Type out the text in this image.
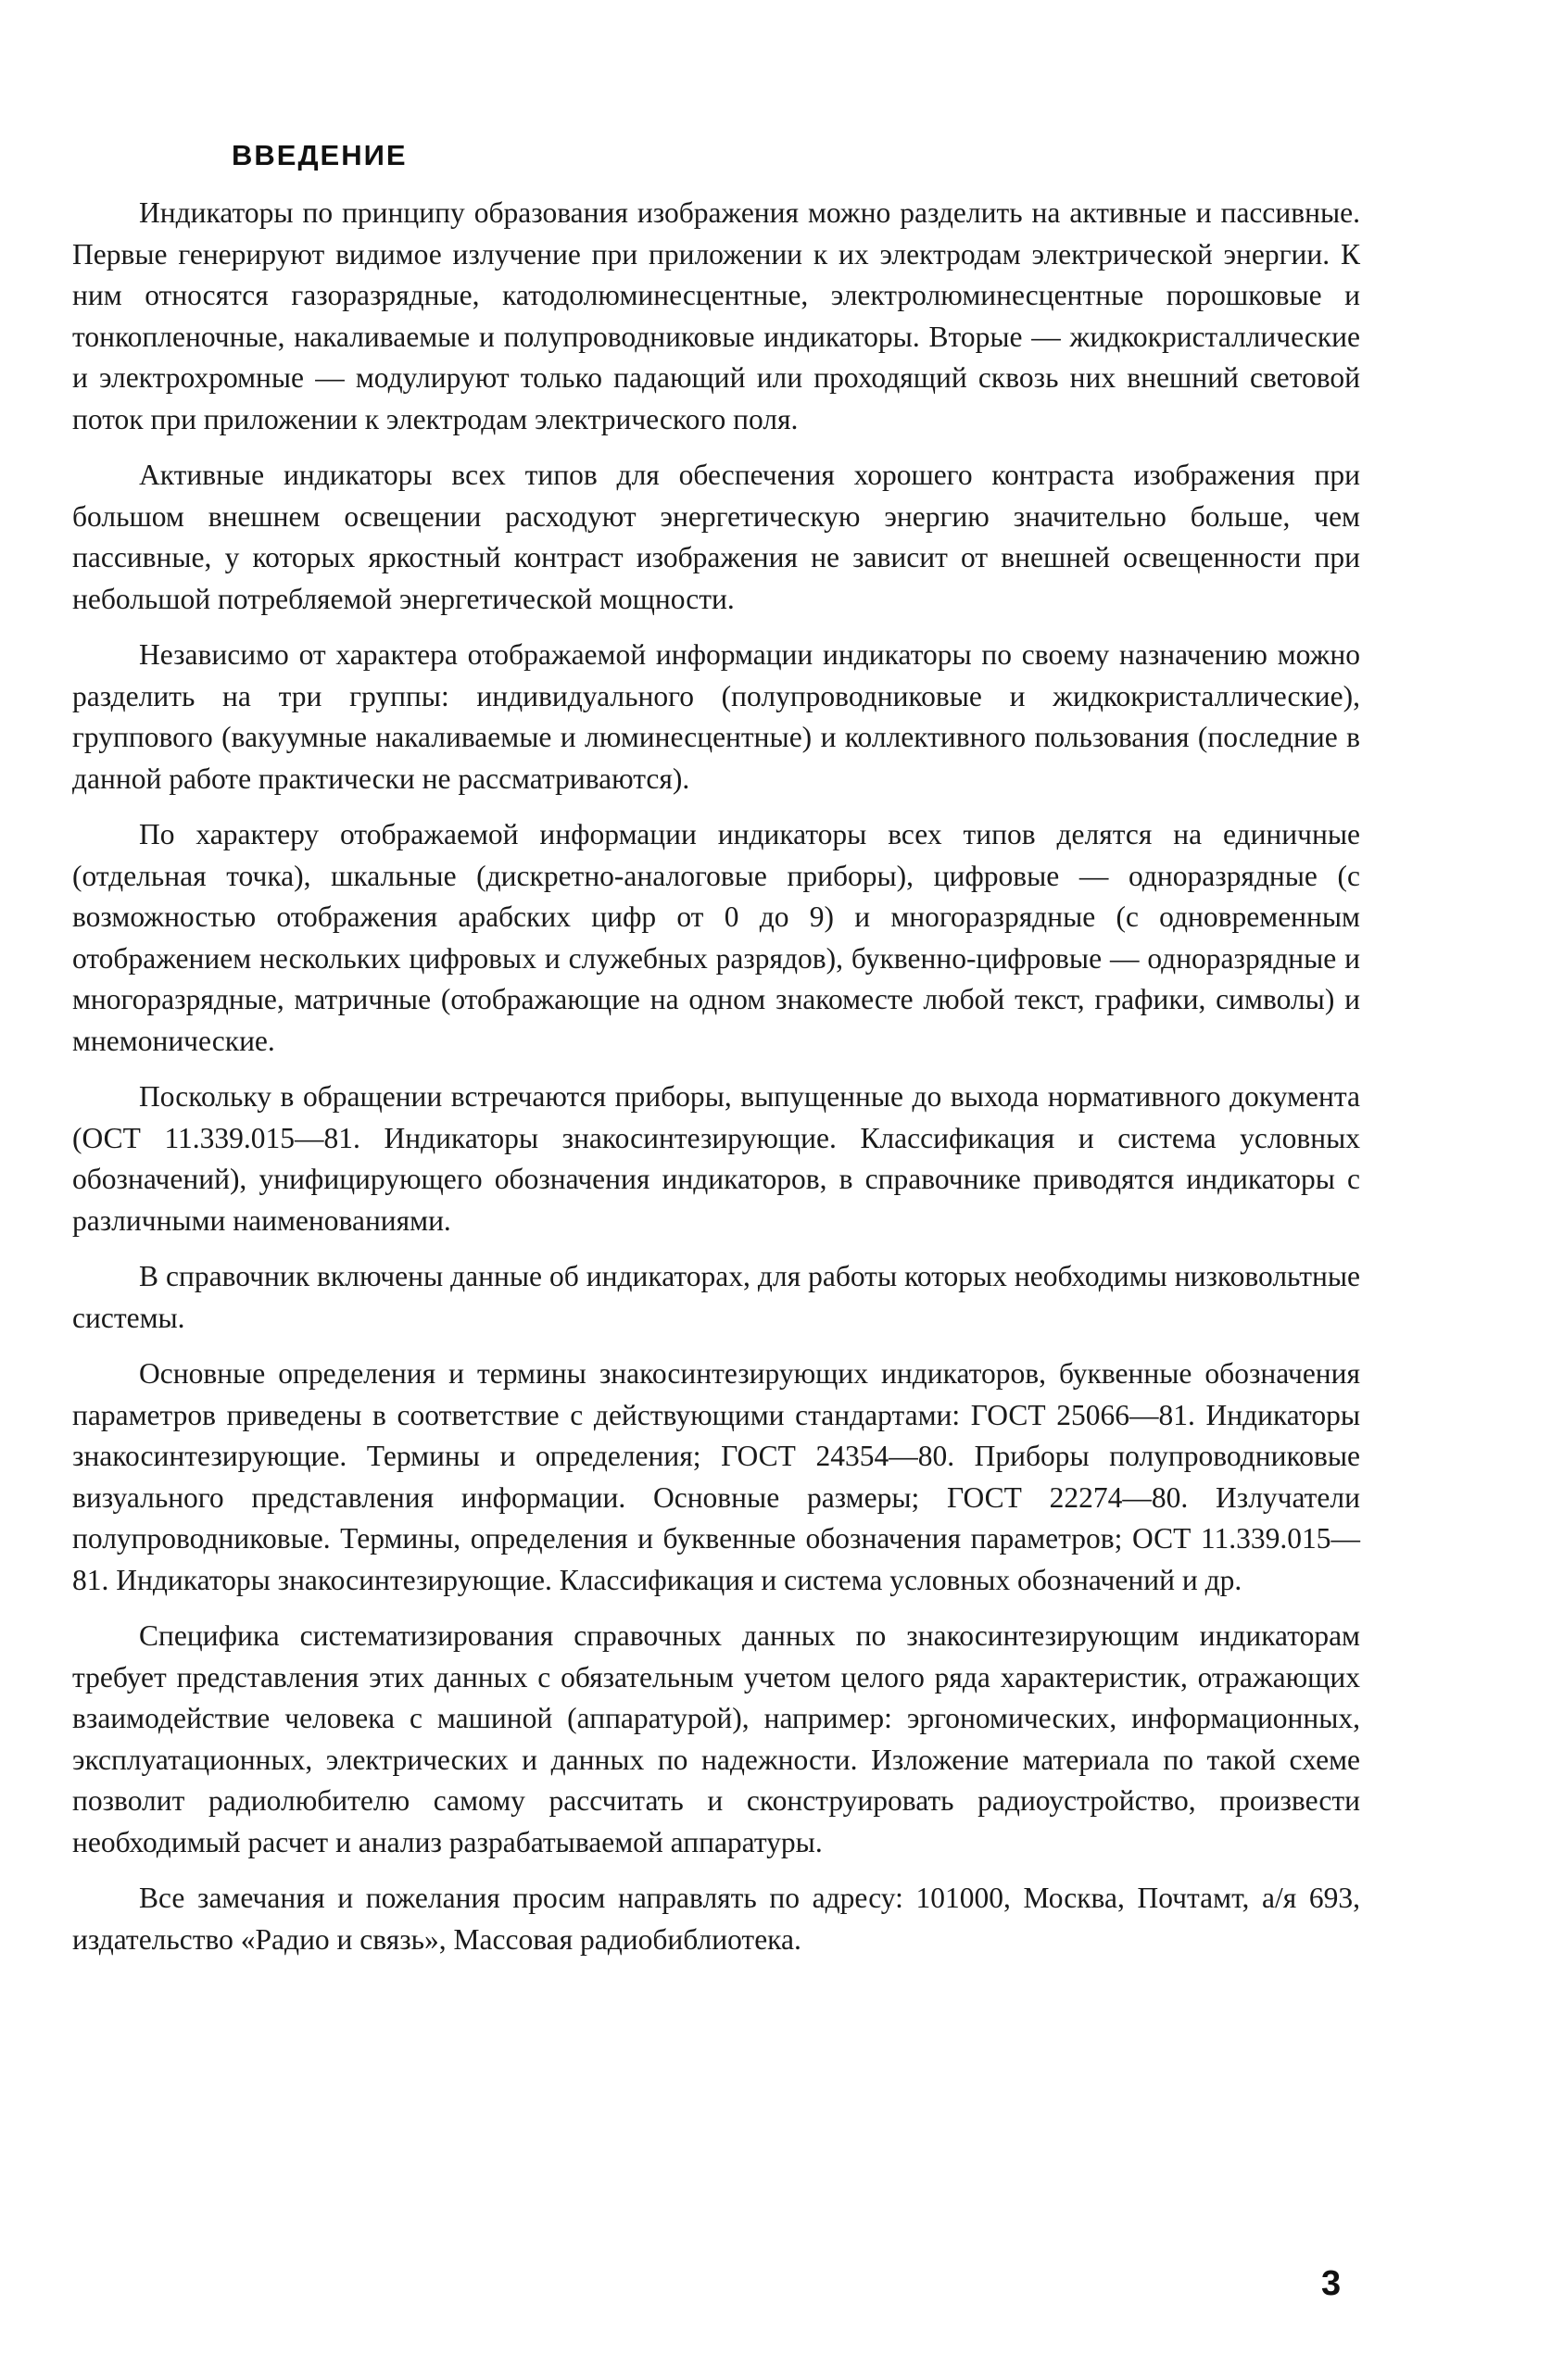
ВВЕДЕНИЕ

Индикаторы по принципу образования изображения можно разделить на активные и пассивные. Первые генерируют видимое излучение при приложении к их электродам электрической энергии. К ним относятся газоразрядные, катодолюминесцентные, электролюминесцентные порошковые и тонкопленочные, накаливаемые и полупроводниковые индикаторы. Вторые — жидкокристаллические и электрохромные — модулируют только падающий или проходящий сквозь них внешний световой поток при приложении к электродам электрического поля.

Активные индикаторы всех типов для обеспечения хорошего контраста изображения при большом внешнем освещении расходуют энергетическую энергию значительно больше, чем пассивные, у которых яркостный контраст изображения не зависит от внешней освещенности при небольшой потребляемой энергетической мощности.

Независимо от характера отображаемой информации индикаторы по своему назначению можно разделить на три группы: индивидуального (полупроводниковые и жидкокристаллические), группового (вакуумные накаливаемые и люминесцентные) и коллективного пользования (последние в данной работе практически не рассматриваются).

По характеру отображаемой информации индикаторы всех типов делятся на единичные (отдельная точка), шкальные (дискретно-аналоговые приборы), цифровые — одноразрядные (с возможностью отображения арабских цифр от 0 до 9) и многоразрядные (с одновременным отображением нескольких цифровых и служебных разрядов), буквенно-цифровые — одноразрядные и многоразрядные, матричные (отображающие на одном знакоместе любой текст, графики, символы) и мнемонические.

Поскольку в обращении встречаются приборы, выпущенные до выхода нормативного документа (ОСТ 11.339.015—81. Индикаторы знакосинтезирующие. Классификация и система условных обозначений), унифицирующего обозначения индикаторов, в справочнике приводятся индикаторы с различными наименованиями.

В справочник включены данные об индикаторах, для работы которых необходимы низковольтные системы.

Основные определения и термины знакосинтезирующих индикаторов, буквенные обозначения параметров приведены в соответствие с действующими стандартами: ГОСТ 25066—81. Индикаторы знакосинтезирующие. Термины и определения; ГОСТ 24354—80. Приборы полупроводниковые визуального представления информации. Основные размеры; ГОСТ 22274—80. Излучатели полупроводниковые. Термины, определения и буквенные обозначения параметров; ОСТ 11.339.015—81. Индикаторы знакосинтезирующие. Классификация и система условных обозначений и др.

Специфика систематизирования справочных данных по знакосинтезирующим индикаторам требует представления этих данных с обязательным учетом целого ряда характеристик, отражающих взаимодействие человека с машиной (аппаратурой), например: эргономических, информационных, эксплуатационных, электрических и данных по надежности. Изложение материала по такой схеме позволит радиолюбителю самому рассчитать и сконструировать радиоустройство, произвести необходимый расчет и анализ разрабатываемой аппаратуры.

Все замечания и пожелания просим направлять по адресу: 101000, Москва, Почтамт, а/я 693, издательство «Радио и связь», Массовая радиобиблиотека.

3
